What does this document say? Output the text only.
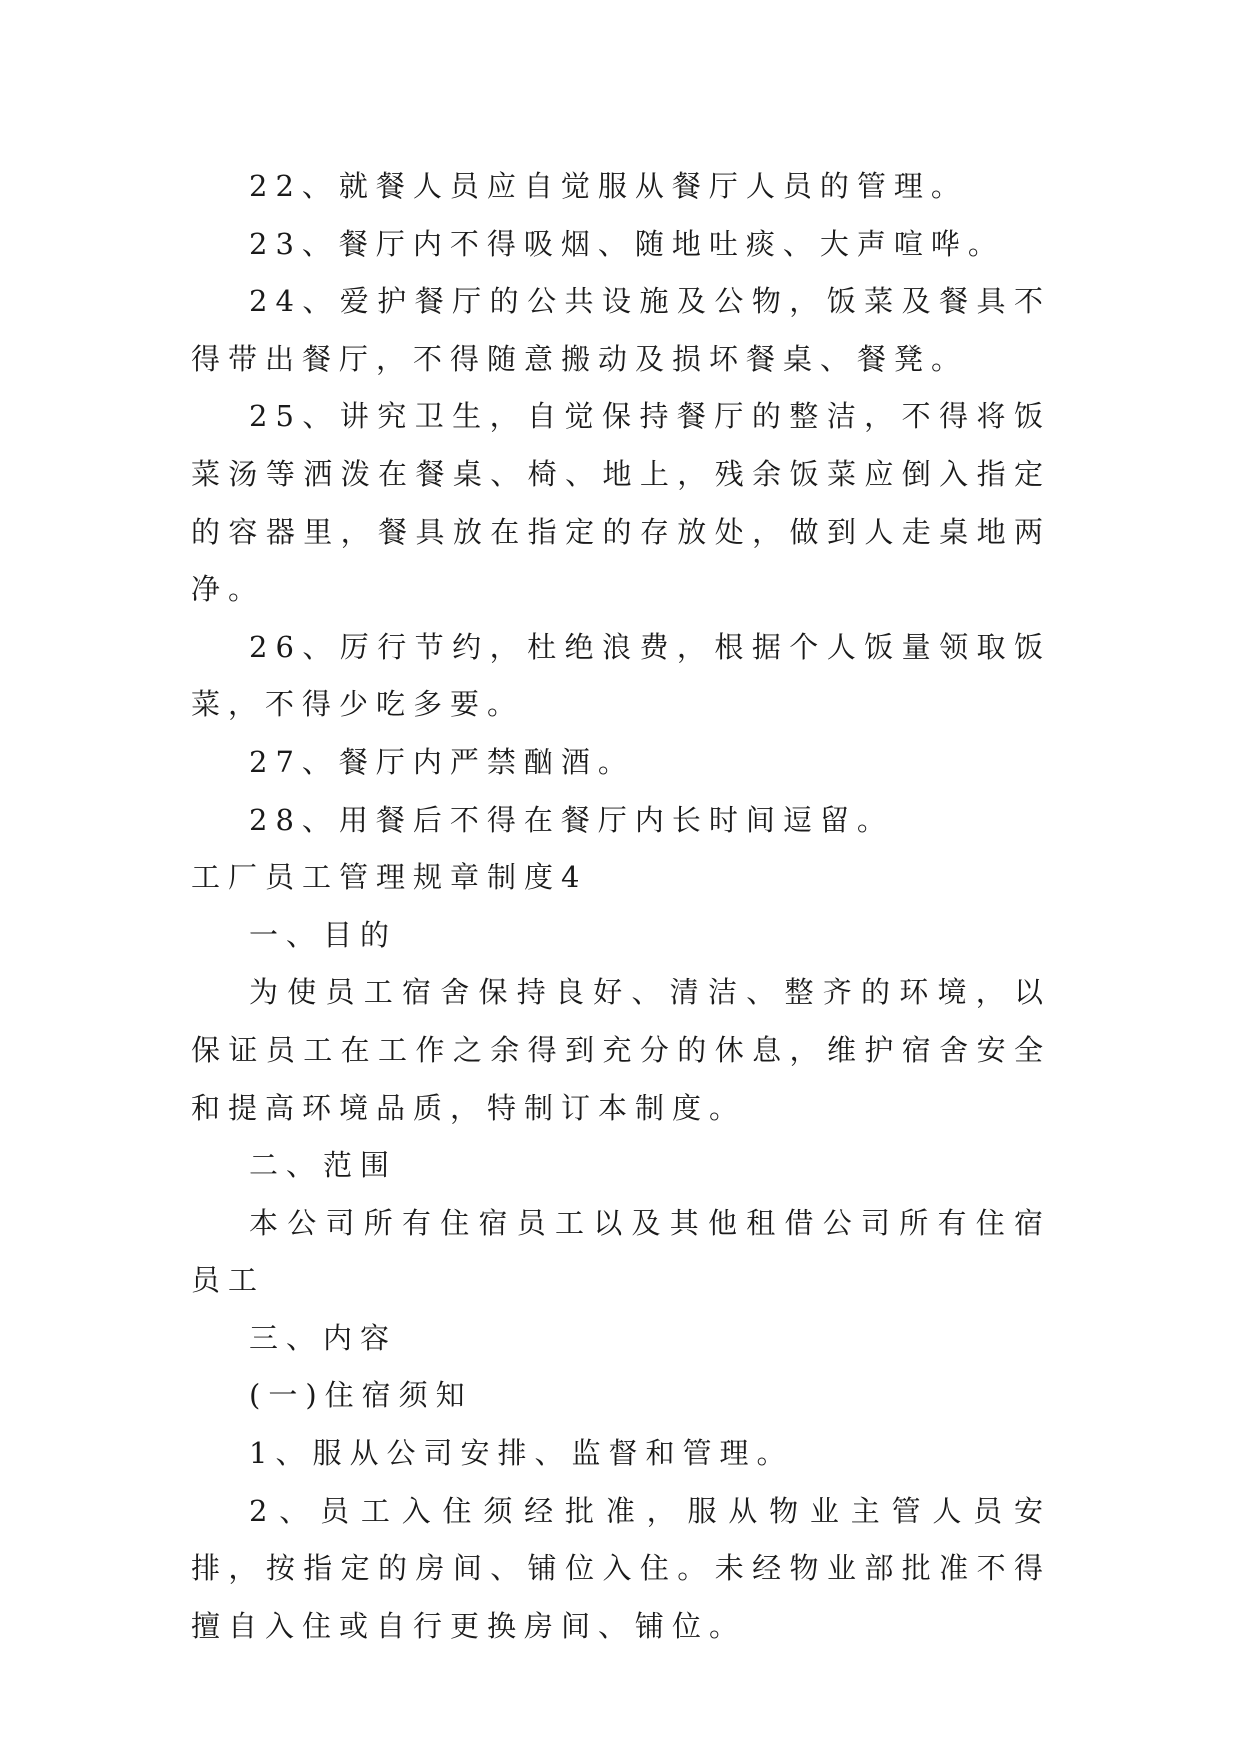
22、就餐人员应自觉服从餐厅人员的管理。

23、餐厅内不得吸烟、随地吐痰、大声喧哗。

24、爱护餐厅的公共设施及公物，饭菜及餐具不得带出餐厅，不得随意搬动及损坏餐桌、餐凳。

25、讲究卫生，自觉保持餐厅的整洁，不得将饭菜汤等洒泼在餐桌、椅、地上，残余饭菜应倒入指定的容器里，餐具放在指定的存放处，做到人走桌地两净。

26、厉行节约，杜绝浪费，根据个人饭量领取饭菜，不得少吃多要。

27、餐厅内严禁酗酒。

28、用餐后不得在餐厅内长时间逗留。

工厂员工管理规章制度4

一、目的

为使员工宿舍保持良好、清洁、整齐的环境，以保证员工在工作之余得到充分的休息，维护宿舍安全和提高环境品质，特制订本制度。

二、范围

本公司所有住宿员工以及其他租借公司所有住宿员工

三、内容

(一)住宿须知

1、服从公司安排、监督和管理。

2、员工入住须经批准，服从物业主管人员安排，按指定的房间、铺位入住。未经物业部批准不得擅自入住或自行更换房间、铺位。
